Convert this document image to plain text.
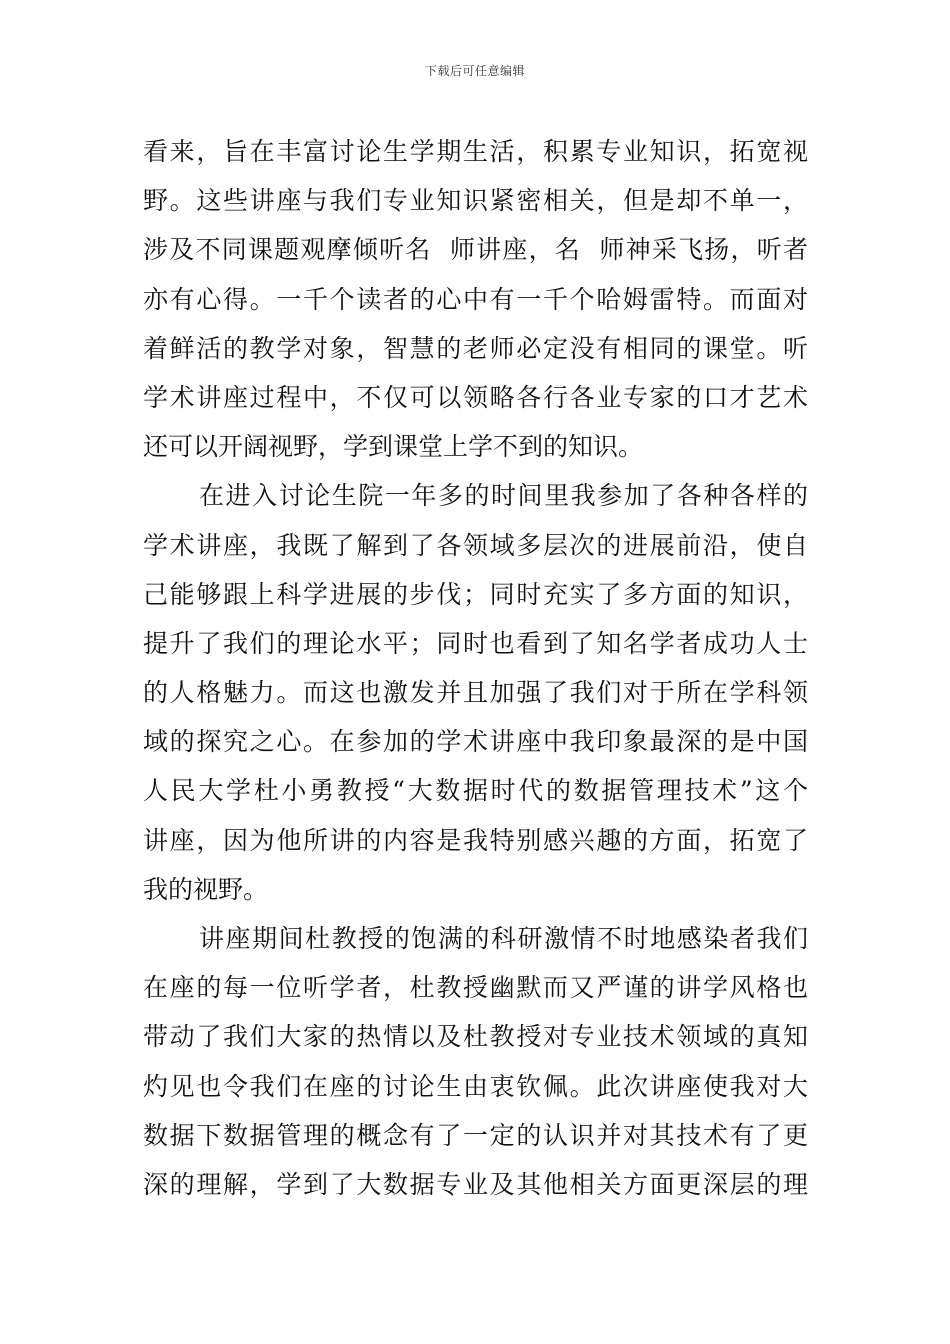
下载后可任意编辑
看来，旨在丰富讨论生学期生活，积累专业知识，拓宽视
野。这些讲座与我们专业知识紧密相关，但是却不单一，
涉及不同课题观摩倾听名  师讲座，名  师神采飞扬，听者
亦有心得。一千个读者的心中有一千个哈姆雷特。而面对
着鲜活的教学对象，智慧的老师必定没有相同的课堂。听
学术讲座过程中，不仅可以领略各行各业专家的口才艺术
还可以开阔视野，学到课堂上学不到的知识。
在进入讨论生院一年多的时间里我参加了各种各样的
学术讲座，我既了解到了各领域多层次的进展前沿，使自
己能够跟上科学进展的步伐；同时充实了多方面的知识，
提升了我们的理论水平；同时也看到了知名学者成功人士
的人格魅力。而这也激发并且加强了我们对于所在学科领
域的探究之心。在参加的学术讲座中我印象最深的是中国
人民大学杜小勇教授“大数据时代的数据管理技术”这个
讲座，因为他所讲的内容是我特别感兴趣的方面，拓宽了
我的视野。
讲座期间杜教授的饱满的科研激情不时地感染者我们
在座的每一位听学者，杜教授幽默而又严谨的讲学风格也
带动了我们大家的热情以及杜教授对专业技术领域的真知
灼见也令我们在座的讨论生由衷钦佩。此次讲座使我对大
数据下数据管理的概念有了一定的认识并对其技术有了更
深的理解，学到了大数据专业及其他相关方面更深层的理
